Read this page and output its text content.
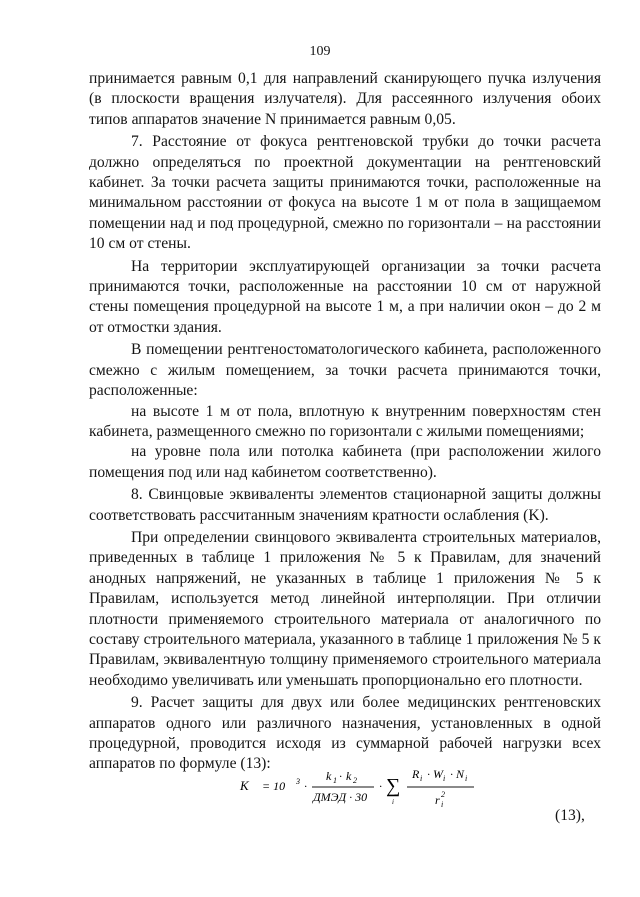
109

принимается равным 0,1 для направлений сканирующего пучка излучения (в плоскости вращения излучателя). Для рассеянного излучения обоих типов аппаратов значение N принимается равным 0,05.

7. Расстояние от фокуса рентгеновской трубки до точки расчета должно определяться по проектной документации на рентгеновский кабинет. За точки расчета защиты принимаются точки, расположенные на минимальном расстоянии от фокуса на высоте 1 м от пола в защищаемом помещении над и под процедурной, смежно по горизонтали – на расстоянии 10 см от стены.

На территории эксплуатирующей организации за точки расчета принимаются точки, расположенные на расстоянии 10 см от наружной стены помещения процедурной на высоте 1 м, а при наличии окон – до 2 м от отмостки здания.

В помещении рентгеностоматологического кабинета, расположенного смежно с жилым помещением, за точки расчета принимаются точки, расположенные:

на высоте 1 м от пола, вплотную к внутренним поверхностям стен кабинета, размещенного смежно по горизонтали с жилыми помещениями;

на уровне пола или потолка кабинета (при расположении жилого помещения под или над кабинетом соответственно).

8. Свинцовые эквиваленты элементов стационарной защиты должны соответствовать рассчитанным значениям кратности ослабления (K).

При определении свинцового эквивалента строительных материалов, приведенных в таблице 1 приложения № 5 к Правилам, для значений анодных напряжений, не указанных в таблице 1 приложения № 5 к Правилам, используется метод линейной интерполяции. При отличии плотности применяемого строительного материала от аналогичного по составу строительного материала, указанного в таблице 1 приложения № 5 к Правилам, эквивалентную толщину применяемого строительного материала необходимо увеличивать или уменьшать пропорционально его плотности.

9. Расчет защиты для двух или более медицинских рентгеновских аппаратов одного или различного назначения, установленных в одной процедурной, проводится исходя из суммарной рабочей нагрузки всех аппаратов по формуле (13):

K = 10 3 ·
k 1 · k 2
ДМЭД · 30
· ∑
i
R i · W i · N i
r 2
i
(13),
